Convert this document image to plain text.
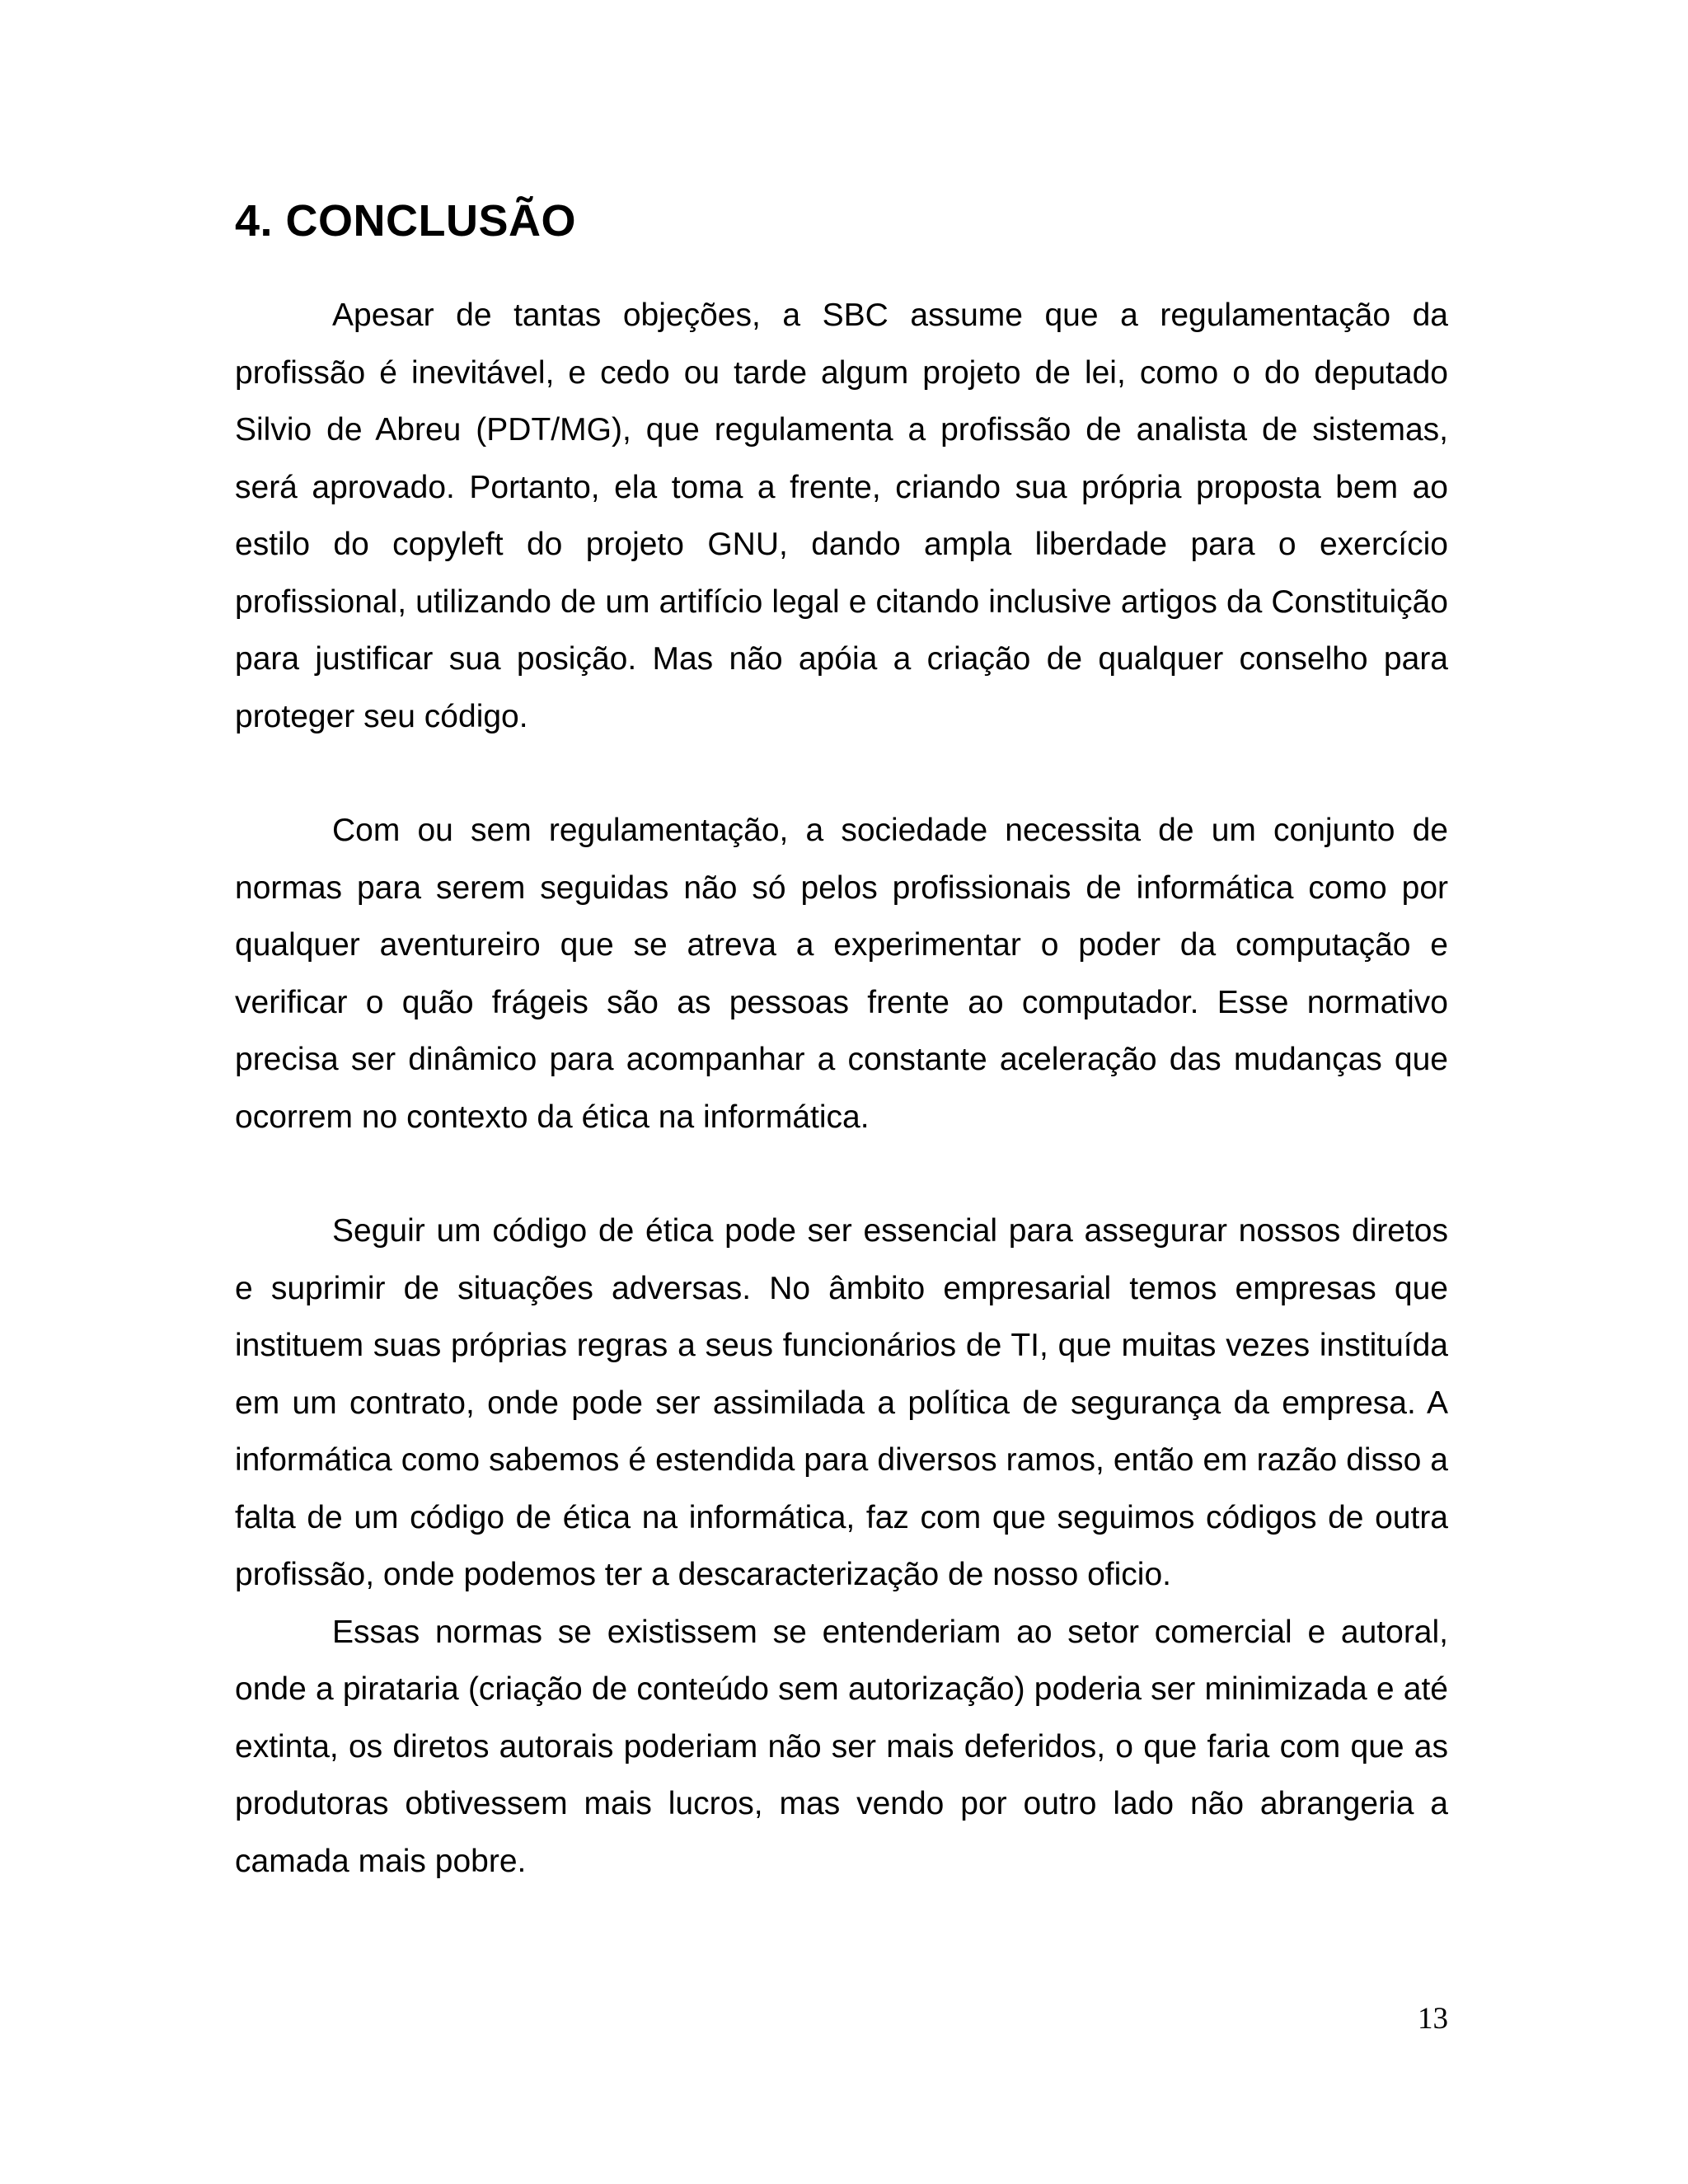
4. CONCLUSÃO

Apesar de tantas objeções, a SBC assume que a regulamentação da profissão é inevitável, e cedo ou tarde algum projeto de lei, como o do deputado Silvio de Abreu (PDT/MG), que regulamenta a profissão de analista de sistemas, será aprovado. Portanto, ela toma a frente, criando sua própria proposta bem ao estilo do copyleft do projeto GNU, dando ampla liberdade para o exercício profissional, utilizando de um artifício legal e citando inclusive artigos da Constituição para justificar sua posição. Mas não apóia a criação de qualquer conselho para proteger seu código.

Com ou sem regulamentação, a sociedade necessita de um conjunto de normas para serem seguidas não só pelos profissionais de informática como por qualquer aventureiro que se atreva a experimentar o poder da computação e verificar o quão frágeis são as pessoas frente ao computador. Esse normativo precisa ser dinâmico para acompanhar a constante aceleração das mudanças que ocorrem no contexto da ética na informática.

Seguir um código de ética pode ser essencial para assegurar nossos diretos e suprimir de situações adversas. No âmbito empresarial temos empresas que instituem suas próprias regras a seus funcionários de TI, que muitas vezes instituída em um contrato, onde pode ser assimilada a política de segurança da empresa. A informática como sabemos é estendida para diversos ramos, então em razão disso a falta de um código de ética na informática, faz com que seguimos códigos de outra profissão, onde podemos ter a descaracterização de nosso oficio.

Essas normas se existissem se entenderiam ao setor comercial e autoral, onde a pirataria (criação de conteúdo sem autorização) poderia ser minimizada e até extinta, os diretos autorais poderiam não ser mais deferidos, o que faria com que as produtoras obtivessem mais lucros, mas vendo por outro lado não abrangeria a camada mais pobre.

13
